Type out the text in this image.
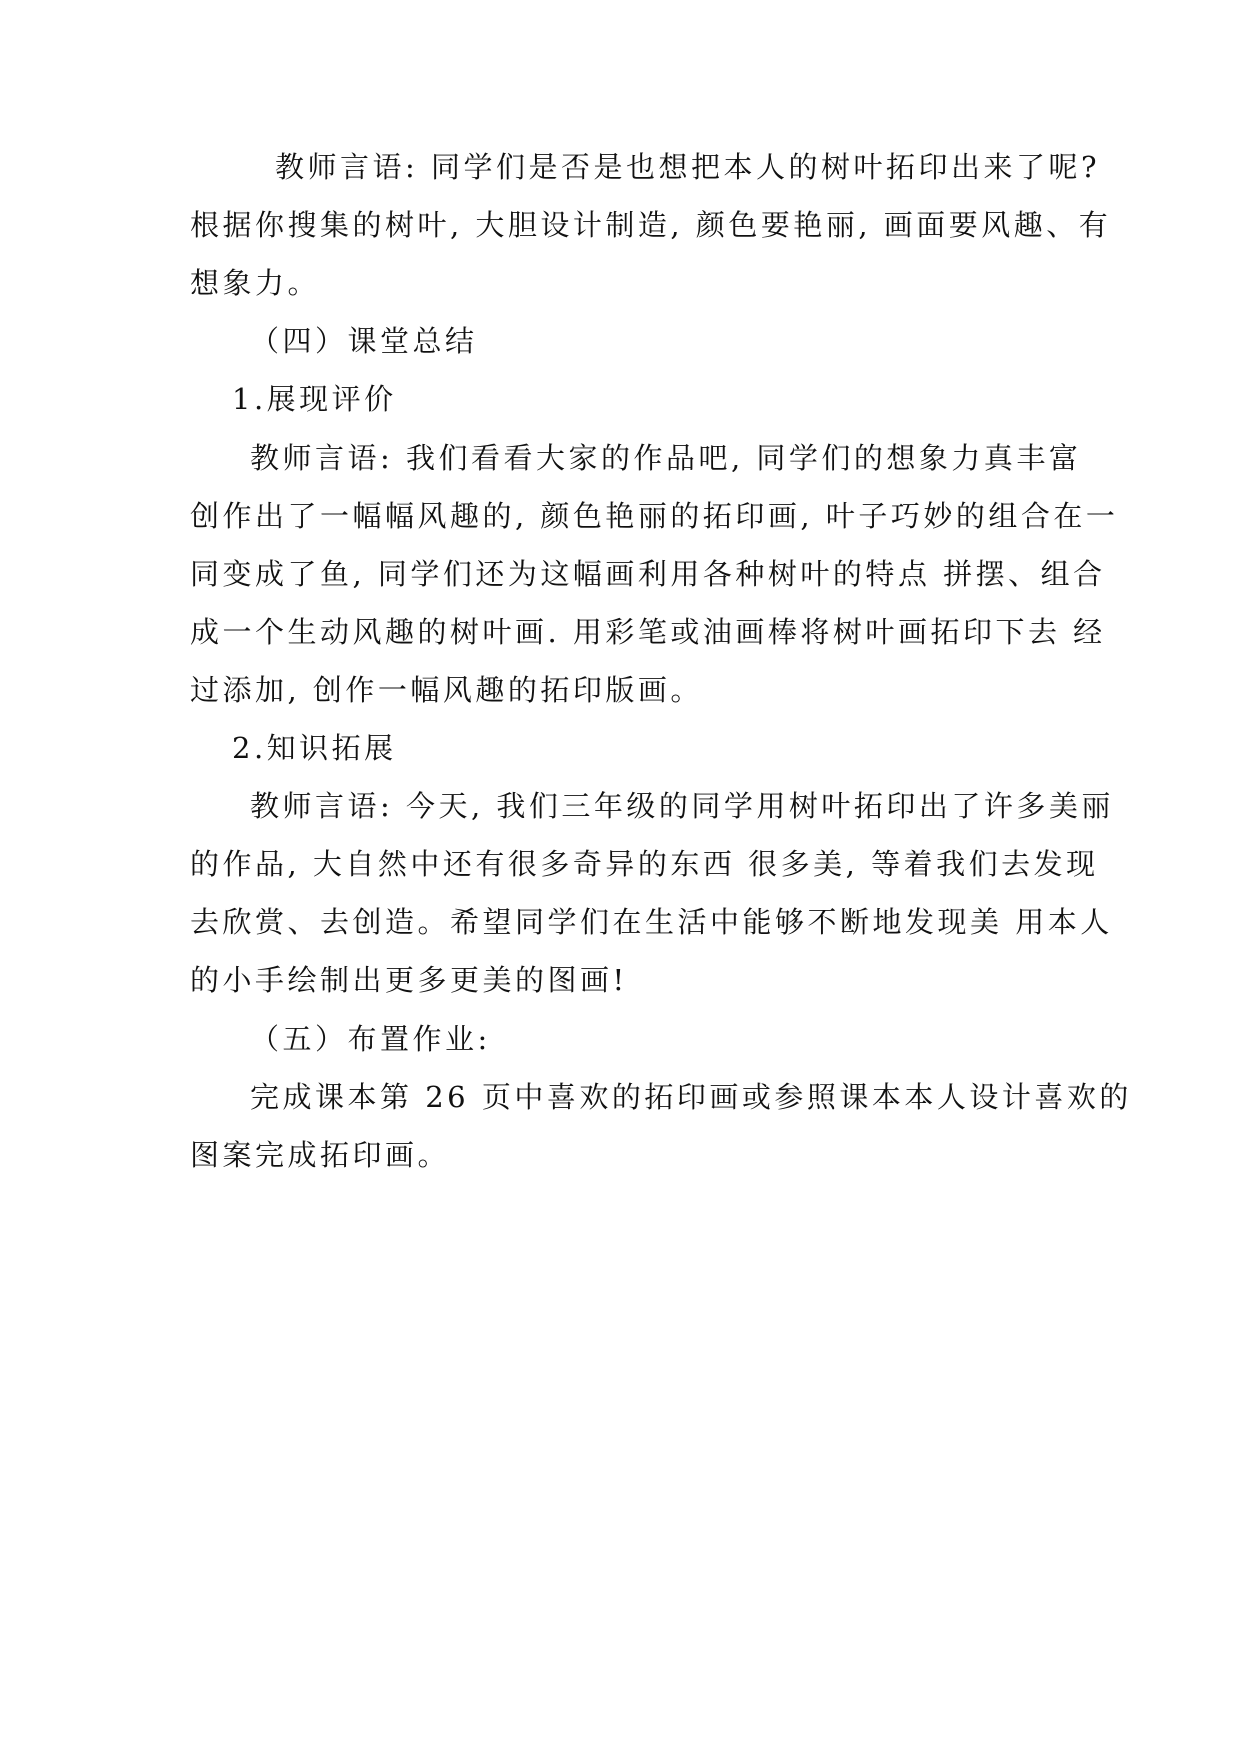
教师言语: 同学们是否是也想把本人的树叶拓印出来了呢?
根据你搜集的树叶, 大胆设计制造, 颜色要艳丽, 画面要风趣、有
想象力。
（四）课堂总结
1.展现评价
教师言语: 我们看看大家的作品吧, 同学们的想象力真丰富
创作出了一幅幅风趣的, 颜色艳丽的拓印画, 叶子巧妙的组合在一
同变成了鱼, 同学们还为这幅画利用各种树叶的特点 拼摆、组合
成一个生动风趣的树叶画. 用彩笔或油画棒将树叶画拓印下去 经
过添加, 创作一幅风趣的拓印版画。
2.知识拓展
教师言语: 今天, 我们三年级的同学用树叶拓印出了许多美丽
的作品, 大自然中还有很多奇异的东西 很多美, 等着我们去发现
去欣赏、去创造。希望同学们在生活中能够不断地发现美 用本人
的小手绘制出更多更美的图画!
（五）布置作业:
完成课本第 26 页中喜欢的拓印画或参照课本本人设计喜欢的
图案完成拓印画。
